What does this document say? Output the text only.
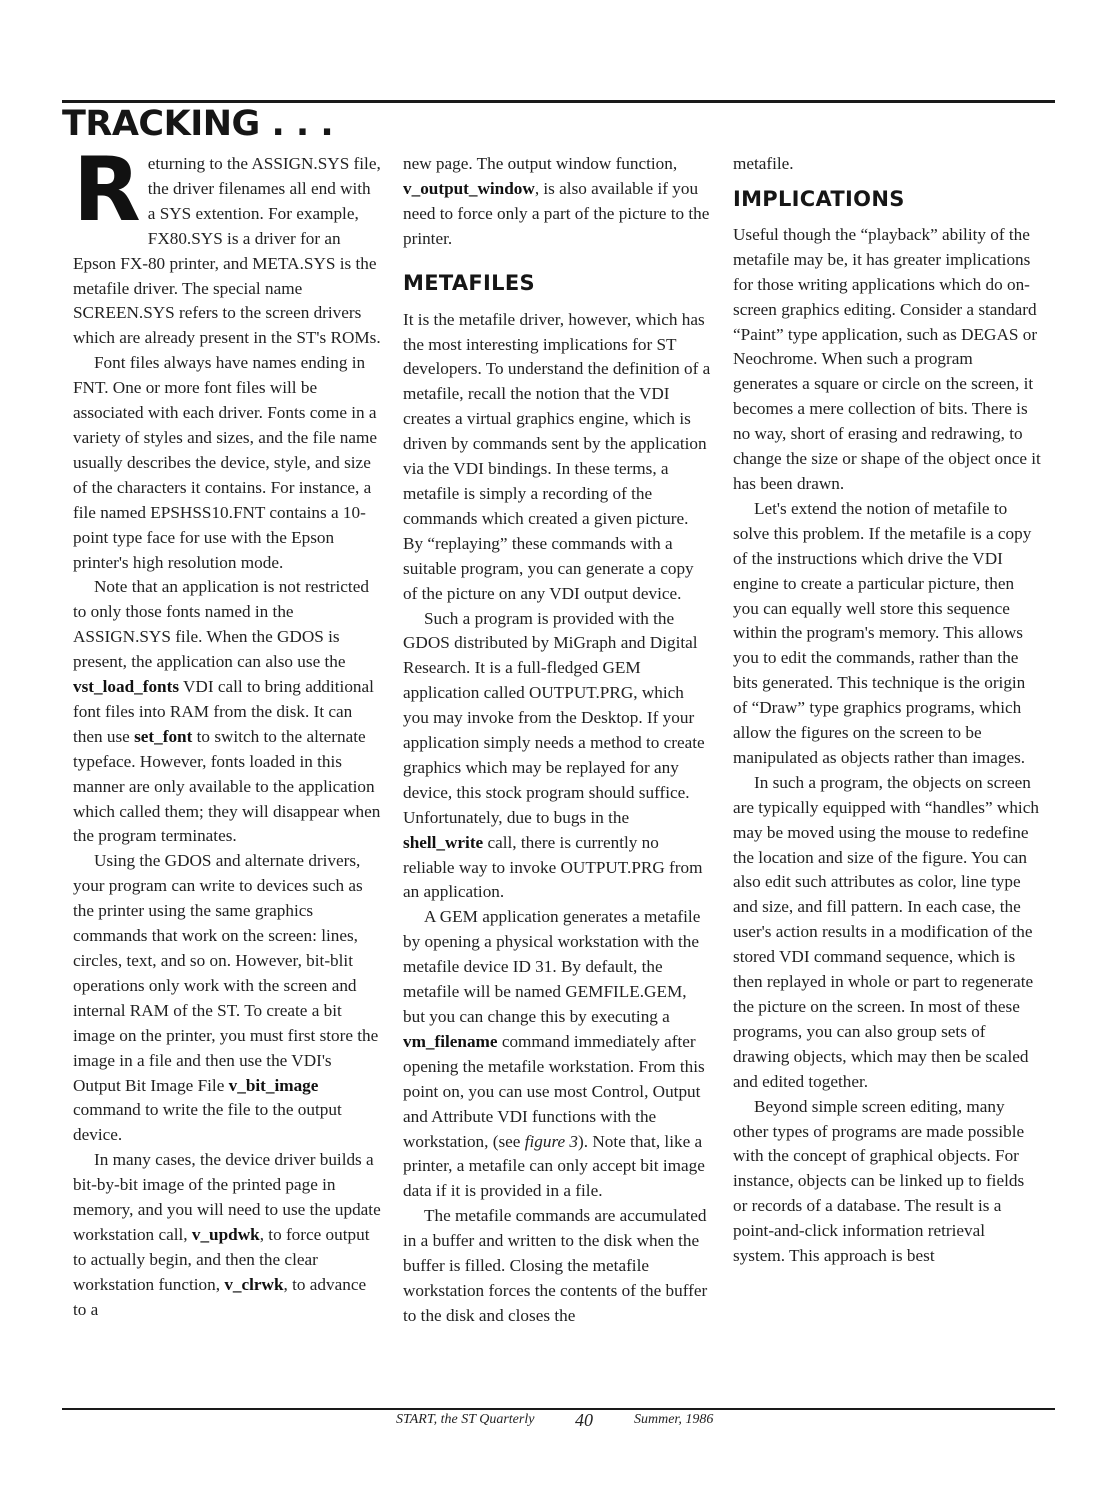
TRACKING . . .

Returning to the ASSIGN.SYS file, the driver filenames all end with a SYS extention. For example, FX80.SYS is a driver for an Epson FX-80 printer, and META.SYS is the metafile driver. The special name SCREEN.SYS refers to the screen drivers which are already present in the ST's ROMs.

Font files always have names ending in FNT. One or more font files will be associated with each driver. Fonts come in a variety of styles and sizes, and the file name usually describes the device, style, and size of the characters it contains. For instance, a file named EPSHSS10.FNT contains a 10-point type face for use with the Epson printer's high resolution mode.

Note that an application is not restricted to only those fonts named in the ASSIGN.SYS file. When the GDOS is present, the application can also use the vst_load_fonts VDI call to bring additional font files into RAM from the disk. It can then use set_font to switch to the alternate typeface. However, fonts loaded in this manner are only available to the application which called them; they will disappear when the program terminates.

Using the GDOS and alternate drivers, your program can write to devices such as the printer using the same graphics commands that work on the screen: lines, circles, text, and so on. However, bit-blit operations only work with the screen and internal RAM of the ST. To create a bit image on the printer, you must first store the image in a file and then use the VDI's Output Bit Image File v_bit_image command to write the file to the output device.

In many cases, the device driver builds a bit-by-bit image of the printed page in memory, and you will need to use the update workstation call, v_updwk, to force output to actually begin, and then the clear workstation function, v_clrwk, to advance to a

new page. The output window function, v_output_window, is also available if you need to force only a part of the picture to the printer.

METAFILES

It is the metafile driver, however, which has the most interesting implications for ST developers. To understand the definition of a metafile, recall the notion that the VDI creates a virtual graphics engine, which is driven by commands sent by the application via the VDI bindings. In these terms, a metafile is simply a recording of the commands which created a given picture. By “replaying” these commands with a suitable program, you can generate a copy of the picture on any VDI output device.

Such a program is provided with the GDOS distributed by MiGraph and Digital Research. It is a full-fledged GEM application called OUTPUT.PRG, which you may invoke from the Desktop. If your application simply needs a method to create graphics which may be replayed for any device, this stock program should suffice. Unfortunately, due to bugs in the shell_write call, there is currently no reliable way to invoke OUTPUT.PRG from an application.

A GEM application generates a metafile by opening a physical workstation with the metafile device ID 31. By default, the metafile will be named GEMFILE.GEM, but you can change this by executing a vm_filename command immediately after opening the metafile workstation. From this point on, you can use most Control, Output and Attribute VDI functions with the workstation, (see figure 3). Note that, like a printer, a metafile can only accept bit image data if it is provided in a file.

The metafile commands are accumulated in a buffer and written to the disk when the buffer is filled. Closing the metafile workstation forces the contents of the buffer to the disk and closes the

metafile.

IMPLICATIONS

Useful though the “playback” ability of the metafile may be, it has greater implications for those writing applications which do on-screen graphics editing. Consider a standard “Paint” type application, such as DEGAS or Neochrome. When such a program generates a square or circle on the screen, it becomes a mere collection of bits. There is no way, short of erasing and redrawing, to change the size or shape of the object once it has been drawn.

Let's extend the notion of metafile to solve this problem. If the metafile is a copy of the instructions which drive the VDI engine to create a particular picture, then you can equally well store this sequence within the program's memory. This allows you to edit the commands, rather than the bits generated. This technique is the origin of “Draw” type graphics programs, which allow the figures on the screen to be manipulated as objects rather than images.

In such a program, the objects on screen are typically equipped with “handles” which may be moved using the mouse to redefine the location and size of the figure. You can also edit such attributes as color, line type and size, and fill pattern. In each case, the user's action results in a modification of the stored VDI command sequence, which is then replayed in whole or part to regenerate the picture on the screen. In most of these programs, you can also group sets of drawing objects, which may then be scaled and edited together.

Beyond simple screen editing, many other types of programs are made possible with the concept of graphical objects. For instance, objects can be linked up to fields or records of a database. The result is a point-and-click information retrieval system. This approach is best

START, the ST Quarterly 40	Summer, 1986
